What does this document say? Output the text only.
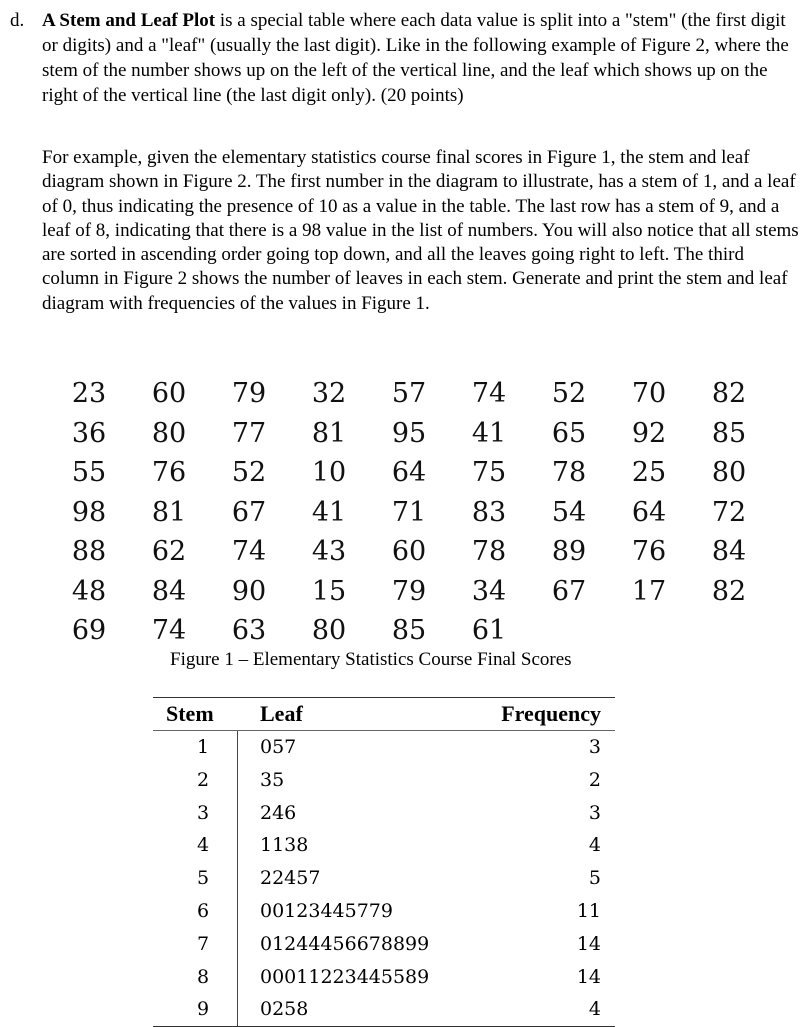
d. A Stem and Leaf Plot is a special table where each data value is split into a "stem" (the first digit or digits) and a "leaf" (usually the last digit). Like in the following example of Figure 2, where the stem of the number shows up on the left of the vertical line, and the leaf which shows up on the right of the vertical line (the last digit only). (20 points)
For example, given the elementary statistics course final scores in Figure 1, the stem and leaf diagram shown in Figure 2. The first number in the diagram to illustrate, has a stem of 1, and a leaf of 0, thus indicating the presence of 10 as a value in the table. The last row has a stem of 9, and a leaf of 8, indicating that there is a 98 value in the list of numbers. You will also notice that all stems are sorted in ascending order going top down, and all the leaves going right to left. The third column in Figure 2 shows the number of leaves in each stem. Generate and print the stem and leaf diagram with frequencies of the values in Figure 1.
23 60 79 32 57 74 52 70 82
36 80 77 81 95 41 65 92 85
55 76 52 10 64 75 78 25 80
98 81 67 41 71 83 54 64 72
88 62 74 43 60 78 89 76 84
48 84 90 15 79 34 67 17 82
69 74 63 80 85 61
Figure 1 – Elementary Statistics Course Final Scores
Stem Leaf	Frequency
1	057	3
2	35	2
3	246	3
4	1138	4
5	22457	5
6	00123445779	11
7	01244456678899	14
8	00011223445589	14
9	0258	4
